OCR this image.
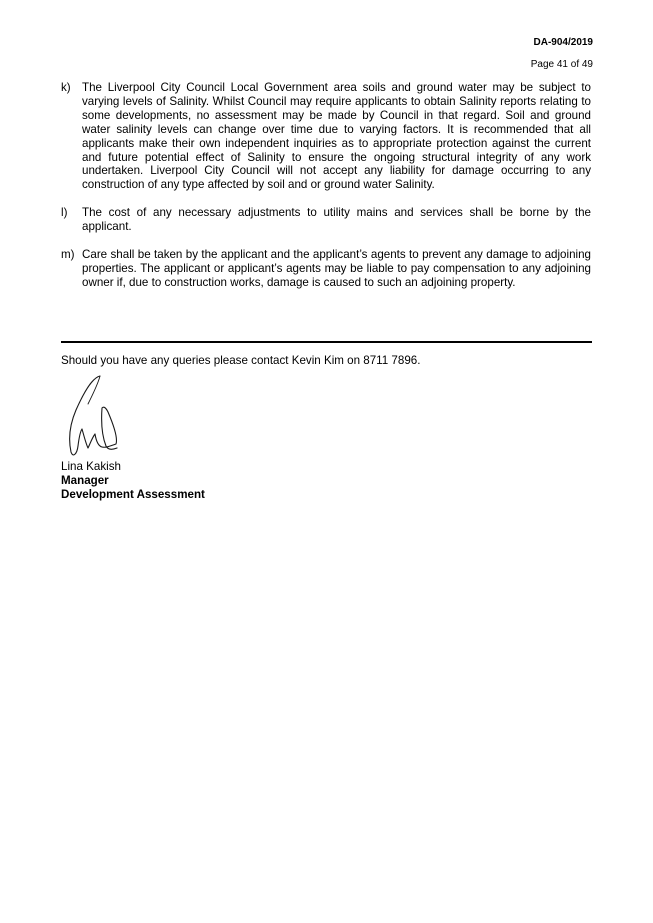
DA-904/2019
Page 41 of 49
k) The Liverpool City Council Local Government area soils and ground water may be subject to varying levels of Salinity. Whilst Council may require applicants to obtain Salinity reports relating to some developments, no assessment may be made by Council in that regard. Soil and ground water salinity levels can change over time due to varying factors. It is recommended that all applicants make their own independent inquiries as to appropriate protection against the current and future potential effect of Salinity to ensure the ongoing structural integrity of any work undertaken. Liverpool City Council will not accept any liability for damage occurring to any construction of any type affected by soil and or ground water Salinity.
l)	The cost of any necessary adjustments to utility mains and services shall be borne by the applicant.
m) Care shall be taken by the applicant and the applicant’s agents to prevent any damage to adjoining properties. The applicant or applicant’s agents may be liable to pay compensation to any adjoining owner if, due to construction works, damage is caused to such an adjoining property.
Should you have any queries please contact Kevin Kim on 8711 7896.
Lina Kakish
Manager
Development Assessment
